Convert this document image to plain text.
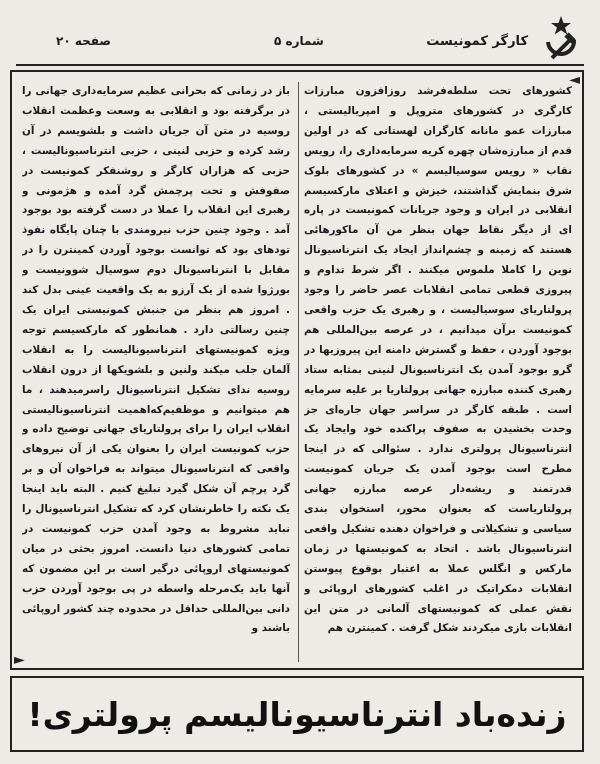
کارگر کمونیست
شماره ۵
صفحه ۲۰
◄
►
کشورهای تحت سلطه‌فرشد روزافزون مبارزات کارگری در کشورهای متروپل و امپریالیستی ، مبارزات عمو مانانه کارگران لهستانی که در اولین قدم از مبارزه‌شان چهره کریه سرمایه‌داری را، رویس نقاب « رویس سوسیالیسم » در کشورهای بلوک شرق بنمایش گذاشتند، خیزش و اعتلای مارکسیسم انقلابی در ایران و وجود جریانات کمونیست در پاره ای از دیگر نقاط جهان بنظر من آن ماکورهائی هستند که زمینه و چشم‌انداز ایجاد یک انترناسیونال نوین را کاملا ملموس میکنند . اگر شرط تداوم و پیروزی قطعی تمامی انقلابات عصر حاضر را وجود پرولتاریای سوسیالیست ، و رهبری یک حزب واقعی کمونیست برآن میدانیم ، در عرصه بین‌المللی هم بوجود آوردن ، حفظ و گسترش دامنه این پیروزیها در گرو بوجود آمدن یک انترناسیونال لنینی بمثابه ستاد رهبری کننده مبارزه جهانی پرولتاریا بر علیه سرمایه است . طبقه کارگر در سراسر جهان جاره‌ای جز وحدت بخشیدن به صفوف پراکنده خود وایجاد یک انترناسیونال پرولتری ندارد . سئوالی که در اینجا مطرح است بوجود آمدن یک جریان کمونیست قدرتمند و ریشه‌دار عرصه مبارزه جهانی پرولتاریاست که بعنوان محور، استخوان بندی سیاسی و تشکیلاتی و فراخوان دهنده تشکیل واقعی انترناسیونال باشد . اتحاد به کمونیستها در زمان مارکس و انگلس عملا به اعتبار بوقوع پیوستن انقلابات دمکراتیک در اغلب کشورهای اروپائی و نقش عملی که کمونیستهای آلمانی در متن این انقلابات بازی میکردند شکل گرفت . کمینترن هم
باز در زمانی که بحرانی عظیم سرمایه‌داری جهانی را در برگرفته بود و انقلابی به وسعت وعظمت انقلاب روسیه در متن آن جریان داشت و بلشویسم در آن رشد کرده و حزبی لنینی ، حزبی انترناسیونالیست ، حزبی که هزاران کارگر و روشنفکر کمونیست در صفوفش و تحت پرچمش گرد آمده و هژمونی و رهبری این انقلاب را عملا در دست گرفته بود بوجود آمد . وجود چنین حزب نیرومندی با چنان پایگاه نفوذ تودهای بود که توانست بوجود آوردن کمینترن را در مقابل با انترناسیونال دوم سوسیال شوونیست و بورژوا شده از یک آرزو به یک واقعیت عینی بدل کند . امروز هم بنظر من جنبش کمونیستی ایران یک چنین رسالتی دارد . همانطور که مارکسیسم توجه ویژه کمونیستهای انترناسیونالیست را به انقلاب آلمان جلب میکند ولنین و بلشویکها از درون انقلاب روسیه ندای تشکیل انترناسیونال راسرمیدهند ، ما هم میتوانیم و موظفیم‌که‌اهمیت انترناسیونالیستی انقلاب ایران را برای پرولتاریای جهانی توضیح داده و حزب کمونیست ایران را بعنوان یکی از آن نیروهای واقعی که انترناسیونال میتواند به فراخوان آن و بر گرد پرچم آن شکل گیرد تبلیغ کنیم . البته باید اینجا یک نکته را خاطرنشان کرد که تشکیل انترناسیونال را نباید مشروط به وجود آمدن حزب کمونیست در تمامی کشورهای دنیا دانست. امروز بحثی در میان کمونیستهای اروپائی درگیر است بر این مضمون که آنها باید یک‌مرحله‌ واسطه در پی بوجود آوردن حزب‌ دانی بین‌المللی حداقل در محدوده چند کشور اروپائی باشند و
زنده‌باد انترناسیونالیسم پرولتری!
